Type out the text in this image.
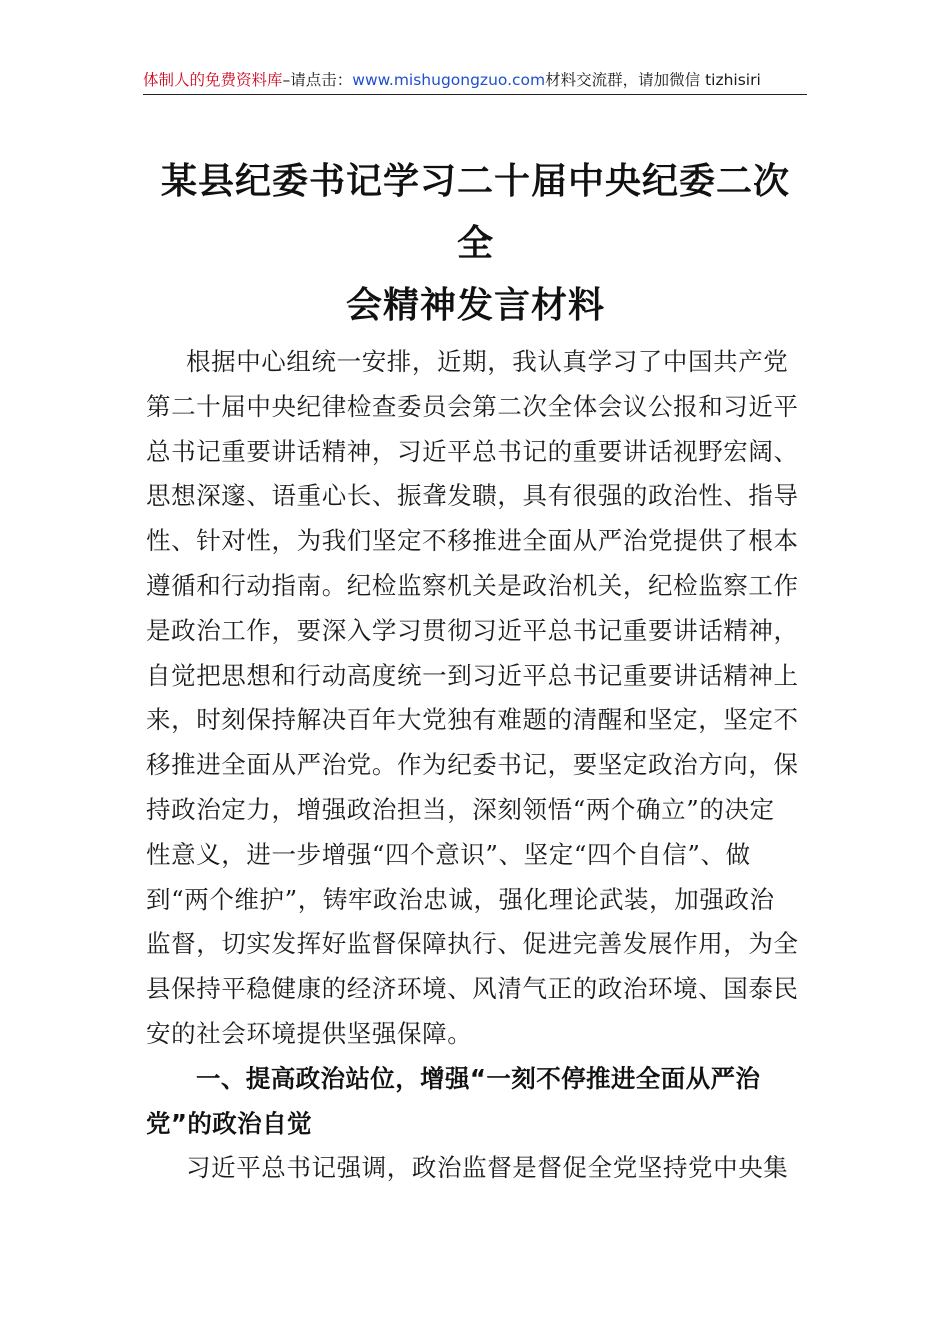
体制人的免费资料库–请点击：www.mishugongzuo.com材料交流群，请加微信 tizhisiri
某县纪委书记学习二十届中央纪委二次全
会精神发言材料

根据中心组统一安排，近期，我认真学习了中国共产党
第二十届中央纪律检查委员会第二次全体会议公报和习近平
总书记重要讲话精神，习近平总书记的重要讲话视野宏阔、
思想深邃、语重心长、振聋发聩，具有很强的政治性、指导
性、针对性，为我们坚定不移推进全面从严治党提供了根本
遵循和行动指南。纪检监察机关是政治机关，纪检监察工作
是政治工作，要深入学习贯彻习近平总书记重要讲话精神，
自觉把思想和行动高度统一到习近平总书记重要讲话精神上
来，时刻保持解决百年大党独有难题的清醒和坚定，坚定不
移推进全面从严治党。作为纪委书记，要坚定政治方向，保
持政治定力，增强政治担当，深刻领悟“两个确立”的决定
性意义，进一步增强“四个意识”、坚定“四个自信”、做
到“两个维护”，铸牢政治忠诚，强化理论武装，加强政治
监督，切实发挥好监督保障执行、促进完善发展作用，为全
县保持平稳健康的经济环境、风清气正的政治环境、国泰民
安的社会环境提供坚强保障。

一、提高政治站位，增强“一刻不停推进全面从严治
党”的政治自觉

习近平总书记强调，政治监督是督促全党坚持党中央集
